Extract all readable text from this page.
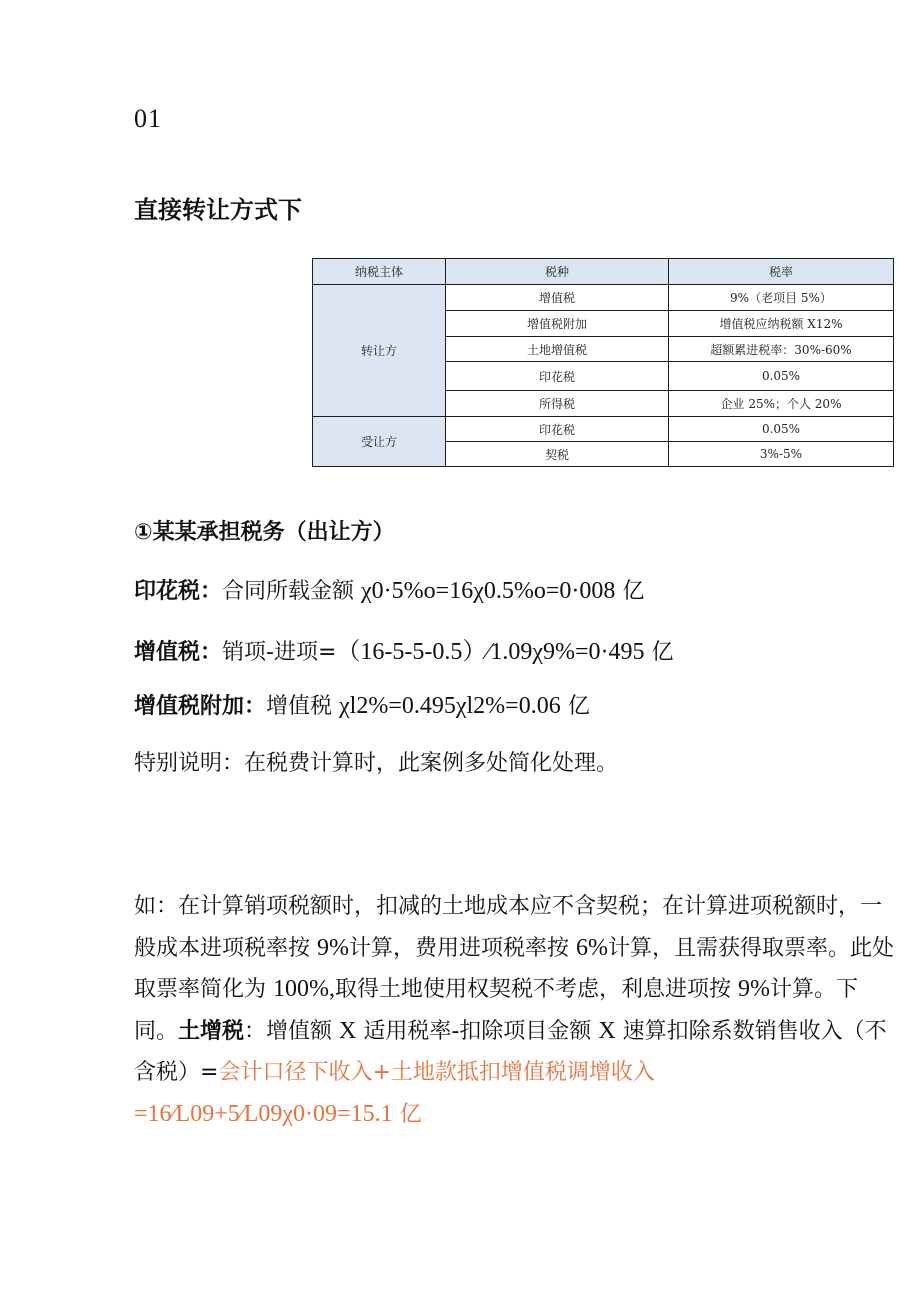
01
直接转让方式下
纳税主体	税种	税率
转让方	增值税	9%（老项目 5%）
	增值税附加	增值税应纳税额 X12%
	土地增值税	超额累进税率：30%-60%
	印花税	0.05%
	所得税	企业 25%；个人 20%
受让方	印花税	0.05%
	契税	3%-5%
①某某承担税务（出让方）
印花税：合同所载金额 χ0·5%o=16χ0.5%o=0·008 亿
增值税：销项-进项=（16-5-5-0.5）⁄1.09χ9%=0·495 亿
增值税附加：增值税 χl2%=0.495χl2%=0.06 亿
特别说明：在税费计算时，此案例多处简化处理。
如：在计算销项税额时，扣减的土地成本应不含契税；在计算进项税额时，一般成本进项税率按 9%计算，费用进项税率按 6%计算，且需获得取票率。此处取票率简化为 100%,取得土地使用权契税不考虑，利息进项按 9%计算。下同。土增税：增值额 X 适用税率-扣除项目金额 X 速算扣除系数销售收入（不含税）=会计口径下收入+土地款抵扣增值税调增收入=16⁄L09+5⁄L09χ0·09=15.1 亿
